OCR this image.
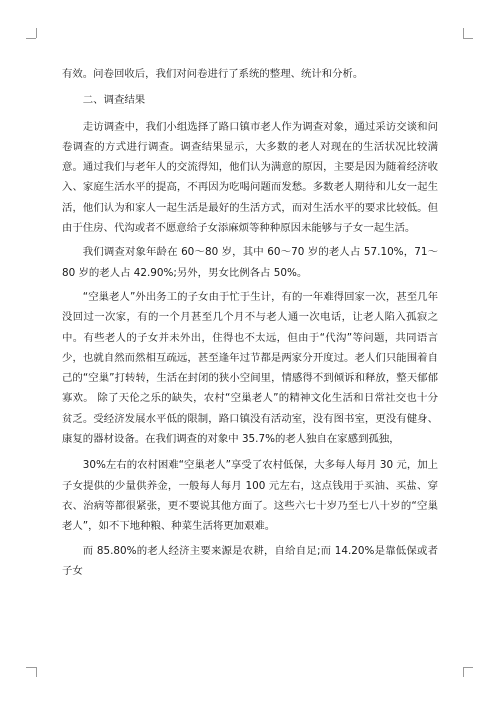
有效。问卷回收后，我们对问卷进行了系统的整理、统计和分析。

二、调查结果

走访调查中，我们小组选择了路口镇市老人作为调查对象，通过采访交谈和问卷调查的方式进行调查。调查结果显示，大多数的老人对现在的生活状况比较满意。通过我们与老年人的交流得知，他们认为满意的原因，主要是因为随着经济收入、家庭生活水平的提高，不再因为吃喝问题而发愁。多数老人期待和儿女一起生活，他们认为和家人一起生活是最好的生活方式，而对生活水平的要求比较低。但由于住房、代沟或者不愿意给子女添麻烦等种种原因未能够与子女一起生活。

我们调查对象年龄在 60～80 岁，其中 60～70 岁的老人占 57.10%，71～80 岁的老人占 42.90%;另外，男女比例各占 50%。

“空巢老人”外出务工的子女由于忙于生计，有的一年难得回家一次，甚至几年没回过一次家，有的一个月甚至几个月不与老人通一次电话，让老人陷入孤寂之中。有些老人的子女并未外出，住得也不太远，但由于“代沟”等问题，共同语言少，也就自然而然相互疏远，甚至逢年过节都是两家分开度过。老人们只能围着自己的“空巢”打转转，生活在封闭的狭小空间里，情感得不到倾诉和释放，整天郁郁寡欢。 除了天伦之乐的缺失，农村“空巢老人”的精神文化生活和日常社交也十分贫乏。受经济发展水平低的限制，路口镇没有活动室，没有图书室，更没有健身、康复的器材设备。在我们调查的对象中 35.7%的老人独自在家感到孤独，

30%左右的农村困难“空巢老人”享受了农村低保，大多每人每月 30 元，加上子女提供的少量供养金，一般每人每月 100 元左右，这点钱用于买油、买盐、穿衣、治病等都很紧张，更不要说其他方面了。这些六七十岁乃至七八十岁的“空巢老人”，如不下地种粮、种菜生活将更加艰难。

而 85.80%的老人经济主要来源是农耕，自给自足;而 14.20%是靠低保或者子女
